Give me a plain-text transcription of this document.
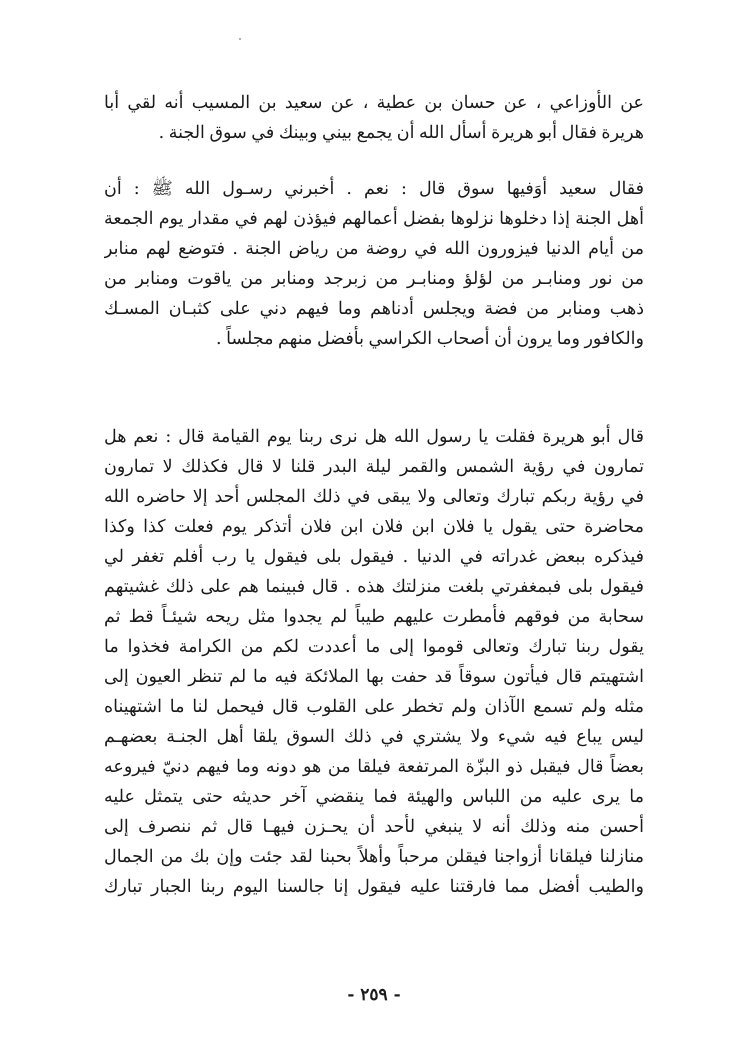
عن الأوزاعي ، عن حسان بن عطية ، عن سعيد بن المسيب أنه لقي أبا
هريرة فقال أبو هريرة أسأل الله أن يجمع بيني وبينك في سوق الجنة .
فقال سعيد أوَفيها سوق قال : نعم . أخبرني رسـول الله ﷺ : أن
أهل الجنة إذا دخلوها نزلوها بفضل أعمالهم فيؤذن لهم في مقدار يوم الجمعة
من أيام الدنيا فيزورون الله في روضة من رياض الجنة . فتوضع لهم منابر
من نور ومنابـر من لؤلؤ ومنابـر من زبرجد ومنابر من ياقوت ومنابر من
ذهب ومنابر من فضة ويجلس أدناهم وما فيهم دني على كثبـان المسـك
والكافور وما يرون أن أصحاب الكراسي بأفضل منهم مجلساً .
قال أبو هريرة فقلت يا رسول الله هل نرى ربنا يوم القيامة قال : نعم هل
تمارون في رؤية الشمس والقمر ليلة البدر قلنا لا قال فكذلك لا تمارون
في رؤية ربكم تبارك وتعالى ولا يبقى في ذلك المجلس أحد إلا حاضره الله
محاضرة حتى يقول يا فلان ابن فلان ابن فلان أتذكر يوم فعلت كذا وكذا
فيذكره ببعض غدراته في الدنيا . فيقول بلى فيقول يا رب أفلم تغفر لي
فيقول بلى فبمغفرتي بلغت منزلتك هذه . قال فبينما هم على ذلك غشيتهم
سحابة من فوقهم فأمطرت عليهم طيباً لم يجدوا مثل ريحه شيئـاً قط ثم
يقول ربنا تبارك وتعالى قوموا إلى ما أعددت لكم من الكرامة فخذوا ما
اشتهيتم قال فيأتون سوقاً قد حفت بها الملائكة فيه ما لم تنظر العيون إلى
مثله ولم تسمع الآذان ولم تخطر على القلوب قال فيحمل لنا ما اشتهيناه
ليس يباع فيه شيء ولا يشتري في ذلك السوق يلقا أهل الجنـة بعضهـم
بعضاً قال فيقبل ذو البزّة المرتفعة فيلقا من هو دونه وما فيهم دنيّ فيروعه
ما يرى عليه من اللباس والهيئة فما ينقضي آخر حديثه حتى يتمثل عليه
أحسن منه وذلك أنه لا ينبغي لأحد أن يحـزن فيهـا قال ثم ننصرف إلى
منازلنا فيلقانا أزواجنا فيقلن مرحباً وأهلاً بحبنا لقد جئت وإن بك من الجمال
والطيب أفضل مما فارقتنا عليه فيقول إنا جالسنا اليوم ربنا الجبار تبارك
- ٢٥٩ -
